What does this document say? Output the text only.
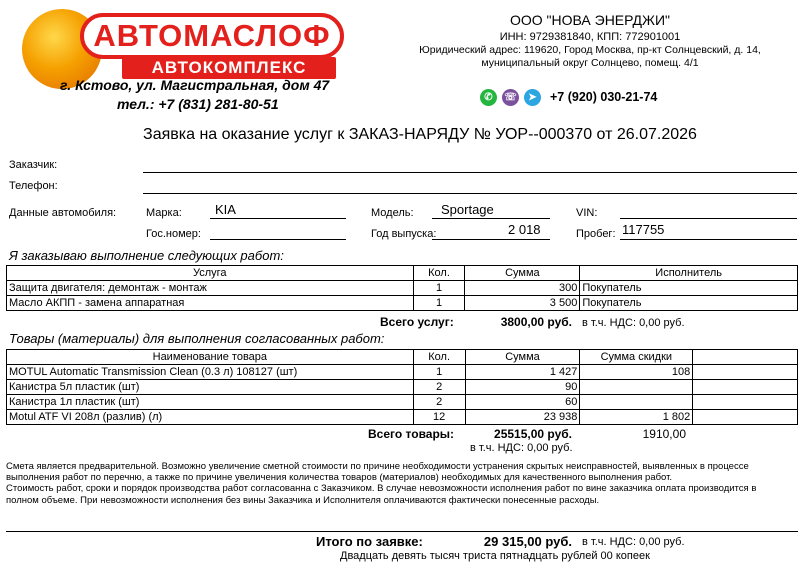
АВТОМАСЛОФ
АВТОКОМПЛЕКС
г. Кстово, ул. Магистральная, дом 47
тел.: +7 (831) 281-80-51
ООО "НОВА ЭНЕРДЖИ"
ИНН: 9729381840, КПП: 772901001
Юридический адрес: 119620, Город Москва, пр-кт Солнцевский, д. 14, муниципальный округ Солнцево, помещ. 4/1
✆	☏	➤	+7 (920) 030-21-74
Заявка на оказание услуг к ЗАКАЗ-НАРЯДУ № УОР--000370 от 26.07.2026
Заказчик:
Телефон:
Данные автомобиля:	Марка:	KIA	Модель: Sportage	VIN:
Гос.номер:	Год выпуска:	2 018	Пробег: 117755
Я заказываю выполнение следующих работ:
Услуга	Кол.	Сумма	Исполнитель
Защита двигателя: демонтаж - монтаж	1	300	Покупатель
Масло АКПП - замена аппаратная	1	3 500	Покупатель
Всего услуг:	3800,00 руб. в т.ч. НДС: 0,00 руб.
Товары (материалы) для выполнения согласованных работ:
Наименование товара	Кол.	Сумма	Сумма скидки	
MOTUL Automatic Transmission Clean (0.3 л) 108127 (шт)	1	1 427	108	
Канистра 5л пластик (шт)	2	90		
Канистра 1л пластик (шт)	2	60		
Motul ATF VI 208л (разлив) (л)	12	23 938	1 802	
Всего товары:	25515,00 руб.	1910,00
в т.ч. НДС: 0,00 руб.
Смета является предварительной. Возможно увеличение сметной стоимости по причине необходимости устранения скрытых неисправностей, выявленных в процессе выполнения работ по перечню, а также по причине увеличения количества товаров (материалов) необходимых для качественного выполнения работ.
Стоимость работ, сроки и порядок производства работ согласованна с Заказчиком. В случае невозможности исполнения работ по вине заказчика оплата производится в полном объеме. При невозможности исполнения без вины Заказчика и Исполнителя оплачиваются фактически понесенные расходы.
Итого по заявке:	29 315,00 руб. в т.ч. НДС: 0,00 руб.
Двадцать девять тысяч триста пятнадцать рублей 00 копеек
